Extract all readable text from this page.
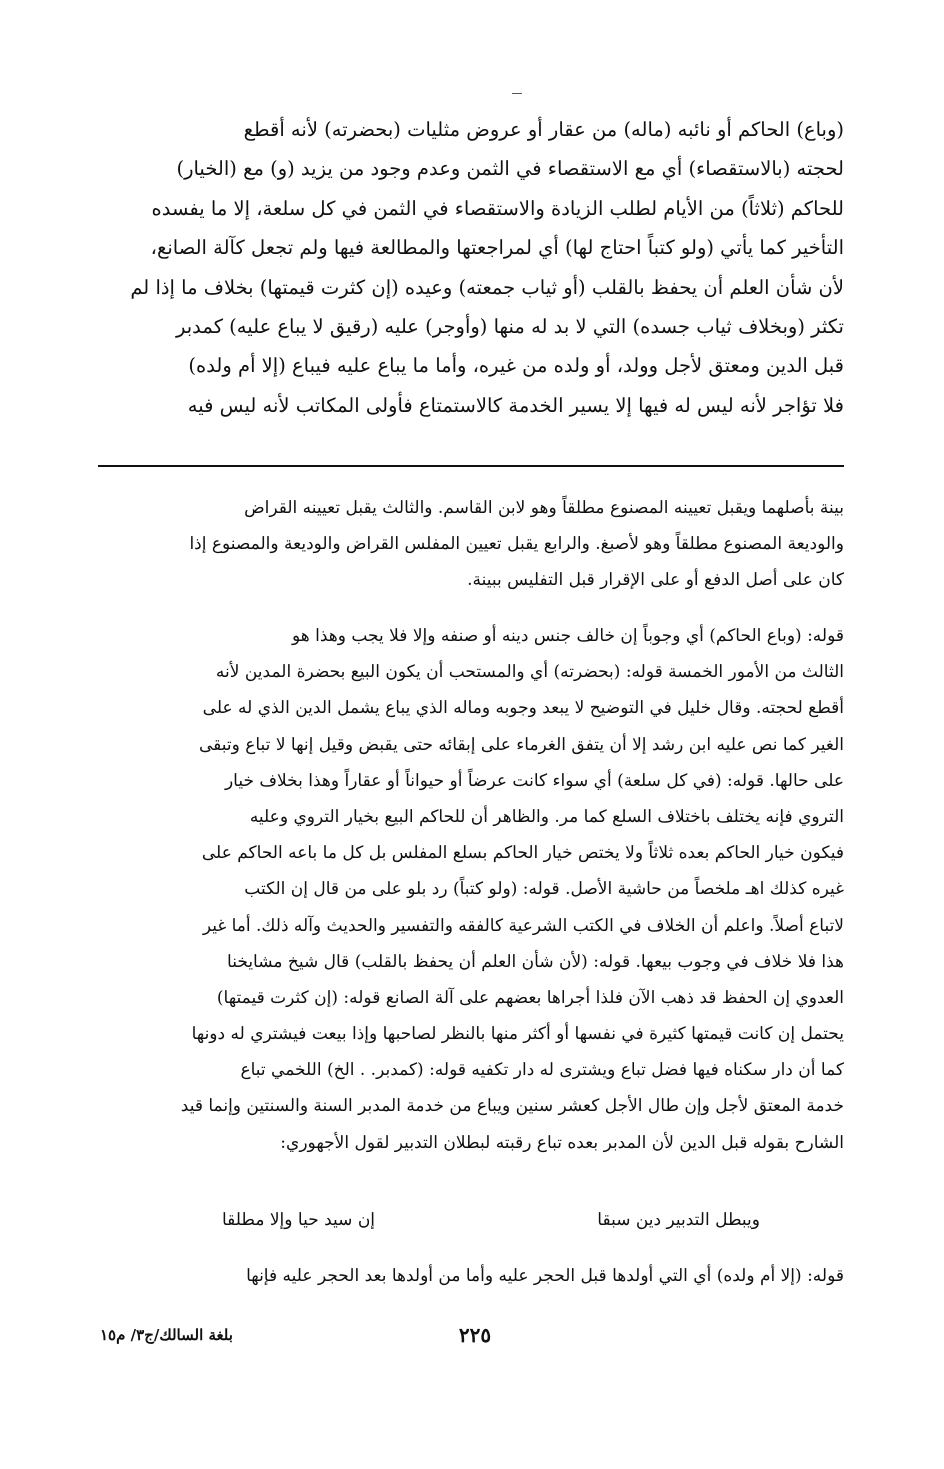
(وباع) الحاكم أو نائبه (ماله) من عقار أو عروض مثليات (بحضرته) لأنه أقطع
لحجته (بالاستقصاء) أي مع الاستقصاء في الثمن وعدم وجود من يزيد (و) مع (الخيار)
للحاكم (ثلاثاً) من الأيام لطلب الزيادة والاستقصاء في الثمن في كل سلعة، إلا ما يفسده
التأخير كما يأتي (ولو كتباً احتاج لها) أي لمراجعتها والمطالعة فيها ولم تجعل كآلة الصانع،
لأن شأن العلم أن يحفظ بالقلب (أو ثياب جمعته) وعيده (إن كثرت قيمتها) بخلاف ما إذا لم
تكثر (وبخلاف ثياب جسده) التي لا بد له منها (وأوجر) عليه (رقيق لا يباع عليه) كمدبر
قبل الدين ومعتق لأجل وولد، أو ولده من غيره، وأما ما يباع عليه فيباع (إلا أم ولده)
فلا تؤاجر لأنه ليس له فيها إلا يسير الخدمة كالاستمتاع فأولى المكاتب لأنه ليس فيه
بينة بأصلهما ويقبل تعيينه المصنوع مطلقاً وهو لابن القاسم. والثالث يقبل تعيينه القراض
والوديعة المصنوع مطلقاً وهو لأصبغ. والرابع يقبل تعيين المفلس القراض والوديعة والمصنوع إذا
كان على أصل الدفع أو على الإقرار قبل التفليس ببينة.
قوله: (وباع الحاكم) أي وجوباً إن خالف جنس دينه أو صنفه وإلا فلا يجب وهذا هو
الثالث من الأمور الخمسة قوله: (بحضرته) أي والمستحب أن يكون البيع بحضرة المدين لأنه
أقطع لحجته. وقال خليل في التوضيح لا يبعد وجوبه وماله الذي يباع يشمل الدين الذي له على
الغير كما نص عليه ابن رشد إلا أن يتفق الغرماء على إبقائه حتى يقبض وقيل إنها لا تباع وتبقى
على حالها. قوله: (في كل سلعة) أي سواء كانت عرضاً أو حيواناً أو عقاراً وهذا بخلاف خيار
التروي فإنه يختلف باختلاف السلع كما مر. والظاهر أن للحاكم البيع بخيار التروي وعليه
فيكون خيار الحاكم بعده ثلاثاً ولا يختص خيار الحاكم بسلع المفلس بل كل ما باعه الحاكم على
غيره كذلك اهـ ملخصاً من حاشية الأصل. قوله: (ولو كتباً) رد بلو على من قال إن الكتب
لاتباع أصلاً. واعلم أن الخلاف في الكتب الشرعية كالفقه والتفسير والحديث وآله ذلك. أما غير
هذا فلا خلاف في وجوب بيعها. قوله: (لأن شأن العلم أن يحفظ بالقلب) قال شيخ مشايخنا
العدوي إن الحفظ قد ذهب الآن فلذا أجراها بعضهم على آلة الصانع قوله: (إن كثرت قيمتها)
يحتمل إن كانت قيمتها كثيرة في نفسها أو أكثر منها بالنظر لصاحبها وإذا بيعت فيشتري له دونها
كما أن دار سكناه فيها فضل تباع ويشترى له دار تكفيه قوله: (كمدبر. . الخ) اللخمي تباع
خدمة المعتق لأجل وإن طال الأجل كعشر سنين ويباع من خدمة المدبر السنة والسنتين وإنما قيد
الشارح بقوله قبل الدين لأن المدبر بعده تباع رقبته لبطلان التدبير لقول الأجهوري:
ويبطل التدبير دين سبقا
إن سيد حيا وإلا مطلقا
قوله: (إلا أم ولده) أي التي أولدها قبل الحجر عليه وأما من أولدها بعد الحجر عليه فإنها
٢٢٥
بلغة السالك/ج٣/ م١٥
